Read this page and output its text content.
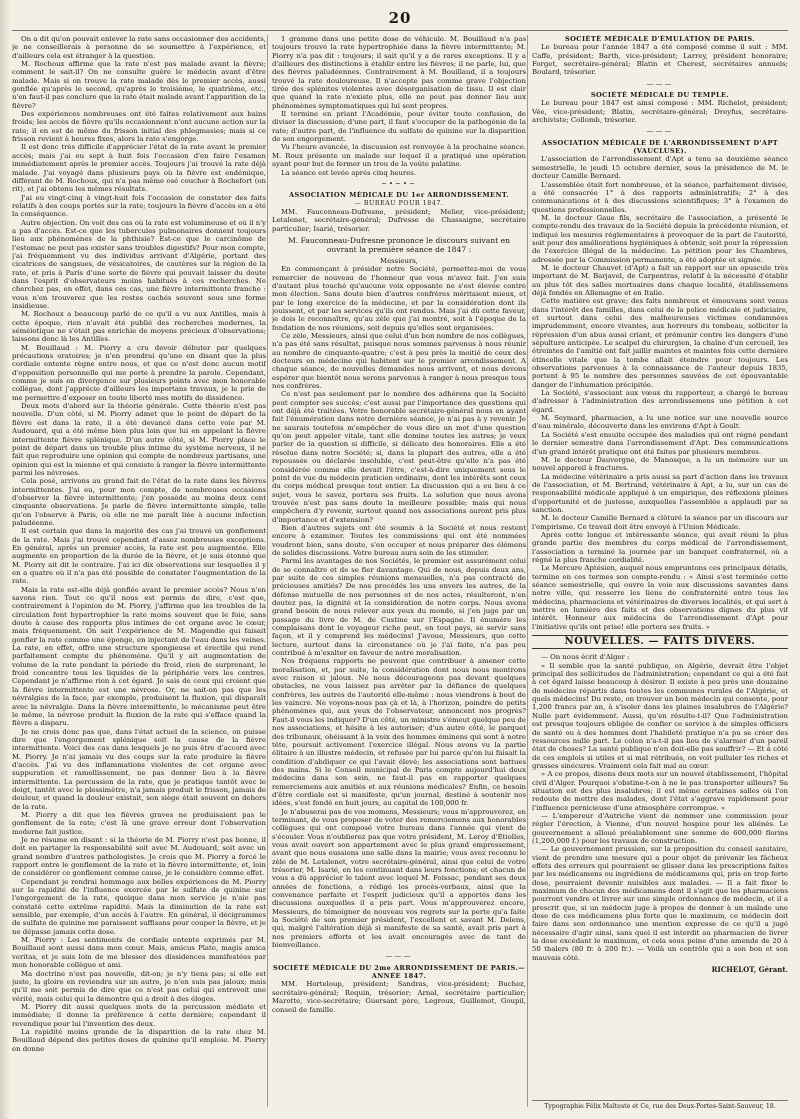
20

On a dit qu'on pouvait enlever la rate sans occasionner des accidents, je ne conseillerais à personne de se soumettre à l'expérience, et d'ailleurs cela est étranger à la question.

M. Rochoux affirme que la rate n'est pas malade avant la fièvre; comment le sait-il? On ne consulte guère le médecin avant d'être malade. Mais si on trouve la rate malade dès le premier accès, aussi gonflée qu'après le second, qu'après le troisième, le quatrième, etc., n'en faut-il pas conclure que la rate était malade avant l'apparition de la fièvre?

Des expériences nombreuses ont été faites relativement aux bains froids; les accès de fièvre qu'ils occasionnent n'ont aucune action sur la rate; il en est de même du frisson initial des phlegmasies; mais si ce frisson revient à heures fixes, alors la rate s'engorge.

Il est donc très difficile d'apprécier l'état de la rate avant le premier accès; mais j'ai eu sept à huit fois l'occasion d'en faire l'examen immédiatement après le premier accès. Toujours j'ai trouvé la rate déjà malade. J'ai voyagé dans plusieurs pays où la fièvre est endémique, différant de M. Rochoux, qui n'a pas même osé coucher à Rochefort (on rit), et j'ai obtenu les mêmes résultats.

J'ai eu vingt-cinq à vingt-huit fois l'occasion de constater des faits relatifs à des coups portés sur la rate; toujours la fièvre d'accès en a été la conséquence.

Autre objection. On voit des cas où la rate est volumineuse et où il n'y a pas d'accès. Est-ce que les tubercules pulmonaires donnent toujours lieu aux phénomènes de la phthisie? Est-ce que le carcinôme de l'estomac ne peut pas exister sans troubles digestifs? Pour mon compte, j'ai fréquemment vu des individus arrivant d'Algérie, portant des cicatrices de sangsues, de vésicatoires, de cautères sur la région de la rate, et pris à Paris d'une sorte de fièvre qui pouvait laisser du doute dans l'esprit d'observateurs moins habitués à ces recherches. Ne cherchez pas, en effet, dans ces cas, une fièvre intermittente franche : vous n'en trouverez que les restes cachés souvent sous une forme insidieuse.

M. Rochoux a beaucoup parlé de ce qu'il a vu aux Antilles, mais à cette époque, rien n'avait été publié des recherches modernes, la séméiotique ne s'était pas enrichie de moyens précieux d'observations; laissons donc là les Antilles.

M. Bouillaud : M. Piorry a cru devoir débuter par quelques précautions oratoires; je n'en prendrai qu'une en disant que la plus cordiale entente règne entre nous, et que ce n'est donc aucun motif d'opposition personnelle qui me porte à prendre la parole. Cependant, comme je suis en divergence sur plusieurs points avec mon honorable collègue, dont j'apprécie d'ailleurs les importans travaux, je le prie de me permettre d'exposer en toute liberté mes motifs de dissidence.

Deux mots d'abord sur la théorie générale. Cette théorie n'est pas nouvelle. D'un côté, si M. Piorry admet que le point de départ de la fièvre est dans la rate, il a été devancé dans cette voie par M. Audouard, qui a été même bien plus loin que lui en appelant la fièvre intermittente fièvre splénique. D'un autre côté, si M. Piorry place le point de départ dans un trouble plus intime du système nerveux, il ne fait que reproduire une opinion qui compte de nombreux partisans, une opinion qui est la mienne et qui consiste à ranger la fièvre intermittente parmi les névroses.

Cela posé, arrivons au grand fait de l'état de la rate dans les fièvres intermittentes. J'ai eu, pour mon compte, de nombreuses occasions d'observer la fièvre intermittente; j'en possède au moins deux cent cinquante observations. Je parle de fièvre intermittente simple, telle qu'on l'observe à Paris, où elle ne me paraît liée à aucune infection paludéenne.

Il est certain que dans la majorité des cas j'ai trouvé un gonflement de la rate. Mais j'ai trouvé cependant d'assez nombreuses exceptions. En général, après un premier accès, la rate est peu augmentée. Elle augmente en proportion de la durée de la fièvre, et je suis étonné que M. Piorry ait dit le contraire. J'ai ici dix observations sur lesquelles il y en a quatre où il n'a pas été possible de constater l'augmentation de la rate.

Mais la rate est-elle déjà gonflée avant le premier accès? Nous n'en savons rien. Tout ce qu'il nous est permis de dire, c'est que, contrairement à l'opinion de M. Piorry, j'affirme que les troubles de la circulation font hypertrophier la rate moins souvent que le foie, sans doute à cause des rapports plus intimes de cet organe avec le cœur, mais fréquemment. On sait l'expérience de M. Magendie qui faisait gonfler la rate comme une éponge, en injectant de l'eau dans les veines. La rate, en effet, offre une structure spongieuse et érectile qui rend parfaitement compte du phénomène. Qu'il y ait augmentation de volume de la rate pendant la période du froid, rien de surprenant, le froid concentre tous les liquides de la périphérie vers les centres. Cependant je n'affirme rien à cet égard. Je sais de ceux qui croient que la fièvre intermittente est une névrose. Or, ne sait-on pas que les névralgies de la face, par exemple, produisent la fluxion, qui disparaît avec la névralgie. Dans la fièvre intermittente, le mécanisme peut être le même, la névrose produit la fluxion de la rate qui s'efface quand la fièvre a disparu.

Je ne crois donc pas que, dans l'état actuel de la science, on puisse dire que l'engorgement splénique soit la cause de la fièvre intermittente. Voici des cas dans lesquels je ne puis être d'accord avec M. Piorry. Je n'ai jamais vu des coups sur la rate produire la fièvre d'accès. J'ai vu des inflammations violentes de cet organe avec suppuration et ramollissement, ne pas donner lieu à la fièvre intermittente. La percussion de la rate, que je pratique tantôt avec le doigt, tantôt avec le plessimètre, n'a jamais produit le frisson, jamais de douleur, et quand la douleur existait, son siège était souvent en dehors de la rate.

M. Piorry a dit que les fièvres graves ne produisaient pas le gonflement de la rate; c'est là une grave erreur dont l'observation moderne fait justice.

Je ne résume en disant : si la théorie de M. Piorry n'est pas bonne, il doit en partager la responsabilité soit avec M. Audouard, soit avec un grand nombre d'autres pathologistes. Je crois que M. Piorry a forcé le rapport entre le gonflement de la rate et la fièvre intermittente, et, loin de considérer ce gonflement comme cause, je le considère comme effet.

Cependant je rendrai hommage aux belles expériences de M. Piorry sur la rapidité de l'influence exercée par le sulfate de quinine sur l'engorgement de la rate, quoique dans mon service je n'aie pas constaté cette extrême rapidité. Mais la diminution de la rate est sensible, par exemple, d'un accès à l'autre. En général, il décigrammes de sulfate de quinine me paraissent suffisans pour couper la fièvre, et je ne dépasse jamais cette dose.

M. Piorry : Les sentiments de cordiale entente exprimés par M. Bouillaud sont aussi dans mon cœur. Mais, amicus Plato, magis amica veritas, et je suis loin de me blesser des dissidences manifestées par mon honorable collègue et ami.

Ma doctrine n'est pas nouvelle, dit-on; je n'y tiens pas; si elle est juste, la gloire en reviendra sur un autre, je n'en suis pas jaloux; mais qu'il me soit permis de dire que ce n'est pas celui qui entrevoit une vérité, mais celui qui la démontre qui a droit à des éloges.

M. Piorry dit aussi quelques mots de la percussion médiate et immédiate; il donne la préférence à cette dernière; cependant il revendique pour lui l'invention des deux.

La rapidité moins grande de la disparition de la rate chez M. Bouillaud dépend des petites doses de quinine qu'il emploie. M. Piorry en donne

1 gramme dans une petite dose de véhicule. M. Bouillaud n'a pas toujours trouvé la rate hypertrophiée dans la fièvre intermittente; M. Piorry n'a pas dit : toujours; il sait qu'il y a de rares exceptions. Il y a d'ailleurs des distinctions à établir entre les fièvres; il ne parle, lui, que des fièvres paludéennes. Contrairement à M. Bouillaud, il a toujours trouvé la rate douloureuse. Il n'accepte pas comme grave l'objection tirée des splénites violentes avec désorganisation de tissu. Il est clair que quand la rate n'existe plus, elle ne peut pas donner lieu aux phénomènes symptomatiques qui lui sont propres.

Il termine en priant l'Académie, pour éviter toute confusion, de diviser la discussion; d'une part, il faut s'occuper de la pathogénie de la rate; d'autre part, de l'influence du sulfate de quinine sur la disparition de son engorgement.

Vu l'heure avancée, la discussion est renvoyée à la prochaine séance. M. Roux présente un malade sur lequel il a pratiqué une opération ayant pour but de fermer un trou de la voûte palatine.

La séance est levée après cinq heures.

~•~•~

ASSOCIATION MÉDICALE DU 1er ARRONDISSEMENT.

— BUREAU POUR 1847.

MM. Fauconneau-Dufresne, président; Melier, vice-président; Letalenet, secrétaire-général; Dufresse de Chassaigne, secrétaire particulier; Isarié, trésorier.

M. Fauconneau-Dufresne prononce le discours suivant en ouvrant la première séance de 1847 :

Messieurs,

En commençant à présider notre Société, permettez-moi de vous remercier de nouveau de l'honneur que vous m'avez fait. J'en suis d'autant plus touché qu'aucune voix opposante ne s'est élevée contre mon élection. Sans doute bien d'autres confrères méritaient mieux, et par le long exercice de la médecine, et par la considération dont ils jouissent, et par les services qu'ils ont rendus. Mais j'ai dû cette faveur, je dois le reconnaître, qu'au zèle que j'ai montré, soit à l'époque de la fondation de nos réunions, soit depuis qu'elles sont organisées.

Ce zèle, Messieurs, ainsi que celui d'un bon nombre de nos collègues, n'a pas été sans résultat, puisque nous sommes parvenus à nous réunir au nombre de cinquante-quatre; c'est à peu près la moitié de ceux des docteurs en médecine qui habitent sur le premier arrondissement. A chaque séance, de nouvelles demandes nous arrivent, et nous devons espérer que bientôt nous serons parvenus à ranger à nous presque tous nos confrères.

Ce n'est pas seulement par le nombre des adhérens que la Société peut compter ses succès; c'est aussi par l'importance des questions qui ont déjà été traitées. Votre honorable secrétaire-général nous en ayant fait l'énumération dans notre dernière séance, je n'ai pas à y revenir. Je ne saurais toutefois m'empêcher de vous dire un mot d'une question qu'on peut appeler vitale, tant elle domine toutes les autres; je veux parler de la question si difficile, si délicate des honoraires. Elle a été résolue dans notre Société; si, dans la plupart des autres, elle a été repoussée ou déclarée insoluble, c'est peut-être qu'elle n'a pas été considérée comme elle devait l'être, c'est-à-dire uniquement sous le point de vue du médecin praticien ordinaire, dont les intérêts sont ceux du corps médical presque tout entier. La discussion qui a eu lieu à ce sujet, vous le savez, portera ses fruits. La solution que nous avons trouvée n'est pas sans doute la meilleure possible; mais qui nous empêchera d'y revenir, surtout quand nos associations auront pris plus d'importance et d'extension?

Bien d'autres sujets ont été soumis à la Société et nous restent encore à examiner. Toutes les commissions qui ont été nommées voudront bien, sans doute, s'en occuper et nous préparer des élémens de solides discussions. Votre bureau aura soin de les stimuler.

Parmi les avantages de nos Sociétés, le premier est assurément celui de se connaître et de se fier davantage. Qui de nous, depuis deux ans, par suite de ces simples réunions mensuelles, n'a pas contracté de précieuses amitiés? De nos procédés les uns envers les autres, de la défense mutuelle de nos personnes et de nos actes, résulteront, n'en doutez pas, la dignité et la considération de notre corps. Nous avons grand besoin de nous relever aux yeux du monde, si j'en juge par un passage du livre de M. de Custine sur l'Espagne. Il énumère les complaisans dont le voyageur riche peut, en tout pays, se servir sans façon, et il y comprend les médecins! J'avoue, Messieurs, que cette lecture, surtout dans la circonstance où je l'ai faite, n'a pas peu contribué à m'exalter en faveur de notre moralisation.

Nos fréquens rapports ne peuvent que contribuer à amener cette moralisation, et, par suite, la considération dont nous nous montrons avec raison si jaloux. Ne nous décourageons pas devant quelques obstacles, ne vous laissez pas arrêter par la défiance de quelques confrères, les autres de l'autorité elle-même : nous viendrons à bout de les vaincre. Ne voyons-nous pas çà et là, à l'horizon, poindre de petits phénomènes qui, aux yeux de l'observateur, annoncent nos progrès? Faut-il vous les indiquer? D'un côté, un ministre s'émeut quelque peu de nos associations, et hésite à les autoriser; d'un autre côté, le parquet des tribunaux, obéissant à la voix des hommes éminens qui sont à notre tête, poursuit activement l'exercice illégal. Nous avons vu la partie élitaire à un illustre médecin, et refusée par lui parce qu'on lui faisait la condition d'abdiquer ce qui l'avait élevé; les associations sont battues des mains. Si le Conseil municipal de Paris compte aujourd'hui deux médecins dans son sein, ne faut-il pas en rapporter quelques remerciemens aux amitiés et aux réunions médicales? Enfin, ce besoin d'être cordiale est si manifeste, qu'un journal, destiné à soutenir nos idées, s'est fondé en huit jours, au capital de 100,000 fr.

Je n'abuserai pas de vos momens, Messieurs; vous m'approuverez, en terminant, de vous proposer de voter des remerciemens aux honorables collègues qui ont composé votre bureau dans l'année qui vient de s'écouler. Vous n'oublierez pas que votre président, M. Leroy d'Étiolles, vous avait ouvert son appartement avec le plus grand empressement, avant que nous eussions une salle dans la mairie; vous avez reconnu le zèle de M. Letalenet, votre secrétaire-général, ainsi que celui de votre trésorier, M. Isarié, en les continuant dans leurs fonctions; et chacun de vous a dû apprécier le talent avec lequel M. Foissac, pendant ses deux années de fonctions, a rédigé les procès-verbaux, ainsi que la convenance parfaite et l'esprit judicieux qu'il a apportés dans les discussions auxquelles il a pris part. Vous m'approuverez encore, Messieurs, de témoigner de nouveau vos regrets sur la perte qu'a faite la Société de son premier président, l'excellent et savant M. Delens, qui, malgré l'altération déjà si manifeste de sa santé, avait pris part à nos premiers efforts et les avait encouragés avec de tant de bienveillance.

———

SOCIÉTÉ MÉDICALE DU 2me ARRONDISSEMENT DE PARIS.—ANNÉE 1847.

MM. Horteloup, président; Sandras, vice-président; Buchez, secrétaire-général; Requin, trésorier; Arnal, secrétaire particulier; Marotte, vice-secrétaire; Guersant père, Legroux, Guillemot, Goupil, conseil de famille.

SOCIÉTÉ MÉDICALE D'ÉMULATION DE PARIS.

Le bureau pour l'année 1847 a été composé comme il suit : MM. Caffe, président; Barth, vice-président; Larrey, président honoraire; Forget, secrétaire-général; Blatin et Cherest, secrétaires annuels; Boulard, trésorier.

———

SOCIÉTÉ MÉDICALE DU TEMPLE.

Le bureau pour 1847 est ainsi composé : MM. Richelot, président; Vée, vice-président; Blatin, secrétaire-général; Dreyfus, secrétaire-archiviste; Collomb, trésorier.

———

ASSOCIATION MÉDICALE DE L'ARRONDISSEMENT D'APT (VAUCLUSE).

L'association de l'arrondissement d'Apt a tenu sa deuxième séance semestrielle, le jeudi 15 octobre dernier, sous la présidence de M. le docteur Camille Bernard.

L'assemblée était fort nombreuse, et la séance, parfaitement divisée, a été consacrée 1° à des rapports administratifs; 2° à des communications et à des discussions scientifiques; 3° à l'examen de questions professionnelles.

M. le docteur Gaue fils, secrétaire de l'association, a présenté le compte-rendu des travaux de la Société depuis la précédente réunion, et indiqué les mesures réglementaires à provoquer de la part de l'autorité, soit pour des améliorations hygiéniques à obtenir, soit pour la répression de l'exercice illégal de la médecine. La pétition pour les Chambres, adressée par la Commission permanente, a été adoptée et signée.

M. le docteur Chauvet (d'Apt) a fait un rapport sur un opuscule très important de M. Barjavel, de Carpentras, relatif à la nécessité d'établir au plus tôt des salles mortuaires dans chaque localité, établissemens déjà fondés en Allemagne et en Italie.

Cette matière est grave; des faits nombreux et émouvans sont venus dans l'intérêt des familles, dans celui de la police médicale et judiciaire, et surtout dans celui des malheureuses victimes condamnées imprudemment, encore vivantes, aux horreurs du tombeau, solliciter la répression d'un abus aussi criant, et prémunir contre les dangers d'une sépulture anticipée. Le scalpel du chirurgien, la chaîne d'un cercueil, les étreintes de l'amitié ont fait jaillir maintes et maintes fois cette dernière étincelle vitale que la tombe allait éteindre pour toujours. Les observations parvenues à la connaissance de l'auteur depuis 1835, portent à 95 le nombre des personnes sauvées de cet épouvantable danger de l'inhumation précipitée.

La Société, s'associant aux vœux du rapporteur, a chargé le bureau d'adresser à l'administration des arrondissemens une pétition à cet égard.

M. Seymard, pharmacien, a lu une notice sur une nouvelle source d'eau minérale, découverte dans les environs d'Apt à Goult.

La Société s'est ensuite occupée des maladies qui ont régné pendant le dernier semestre dans l'arrondissement d'Apt. Des communications d'un grand intérêt pratique ont été faites par plusieurs membres.

M. le docteur Dauvergne, de Manosque, a lu un mémoire sur un nouvel appareil à fractures.

La médecine vétérinaire a pris aussi sa part d'action dans les travaux de l'association, et M. Bertrand, vétérinaire à Apt, a lu, sur un cas de responsabilité médicale appliqué à un empirique, des réflexions pleines d'opportunité et de justesse, auxquelles l'assemblée a applaudi par sa sanction.

M. le docteur Camille Bernard a clôturé la séance par un discours sur l'empirisme. Ce travail doit être envoyé à l'Union Médicale.

Après cette longue et intéressante séance, qui avait réuni la plus grande partie des membres du corps médical de l'arrondissement, l'association a terminé la journée par un banquet confraternel, où a régné la plus franche cordialité.

Le Mercure Aptésien, auquel nous empruntons ces principaux détails, termine en ces termes son compte-rendu : « Ainsi s'est terminée cette séance semestrielle, qui ouvre la voie aux discussions savantes dans notre ville, qui resserre les liens de confraternité entre tous les médecins, pharmaciens et vétérinaires de diverses localités, et qui sert à mettre en lumière des faits et des observations dignes du plus vif intérêt. Honneur aux médecins de l'arrondissement d'Apt pour l'initiative qu'ils ont prise! elle portera ses fruits. »

NOUVELLES. — FAITS DIVERS.

— On nous écrit d'Alger :

« Il semble que la santé publique, en Algérie, devrait être l'objet principal des sollicitudes de l'administration; cependant ce qui a été fait à cet égard laisse beaucoup à désirer. Il existe à peu près une douzaine de médecins répartis dans toutes les communes rurales de l'Algérie, et quels médecins! Du reste, on trouver un bon médecin qui consente, pour 1,200 francs par an, à s'isoler dans les plaines insalubres de l'Algérie? Nulle part évidemment. Aussi, qu'en résulte-t-il? Que l'administration est presque toujours obligée de confier ce service à de simples officiers de santé ou à des hommes dont l'habileté pratique n'a pu se créer des ressources nulle part. Le colon n'a-t-il pas lieu de s'alarmer d'un pareil état de choses? La santé publique n'en doit-elle pas souffrir? — Et à côté de ces emplois si utiles et si mal rétribués, on voit pulluler les riches et grasses sinécures. Vraiment cela fait mal au cœur.

» A ce propos, disons deux mots sur un nouvel établissement, l'hôpital civil d'Alger. Pourquoi s'obstine-t-on à ne le pas transporter ailleurs? Sa situation est des plus insalubres; il est même certaines salles où l'on redoute de mettre des malades, dont l'état s'aggrave rapidement pour l'influence pernicieuse d'une atmosphère corrompue. »

— L'empereur d'Autriche vient de nommer une commission pour régler l'érection, à Vienne, d'un nouvel hospice pour les aliénés. Le gouvernement a alloué préalablement une somme de 600,000 florins (1,200,000 f.) pour les travaux de construction.

— Le gouvernement prussien, sur la proposition du conseil sanitaire, vient de prendre une mesure qui a pour objet de prévenir les fâcheux effets des erreurs qui pourraient se glisser dans les prescriptions faites par les médicamens ou ingrédiens de médicamens qui, pris en trop forte dose, pourraient devenir nuisibles aux malades. — Il a fait fixer le maximum de chacun des médicamens dont il s'agit que les pharmaciens pourront vendre et livrer sur une simple ordonnance de médecin, et il a prescrit que, si un médecin juge à propos de donner à un malade une dose de ces médicamens plus forte que le maximum, ce médecin doit faire dans son ordonnance une mention expresse de ce qu'il a jugé nécessaire d'agir ainsi, sans quoi il est interdit au pharmacien de livrer la dose excédant le maximum, et cela sous peine d'une amende de 20 à 50 thalers (80 fr. à 200 fr.). — Voilà un contrôle qui a son bon et son mauvais côté.

RICHELOT, Gérant.
Typographie Félix Malteste et Ce, rue des Deux-Portes-Saint-Sauveur, 18.
